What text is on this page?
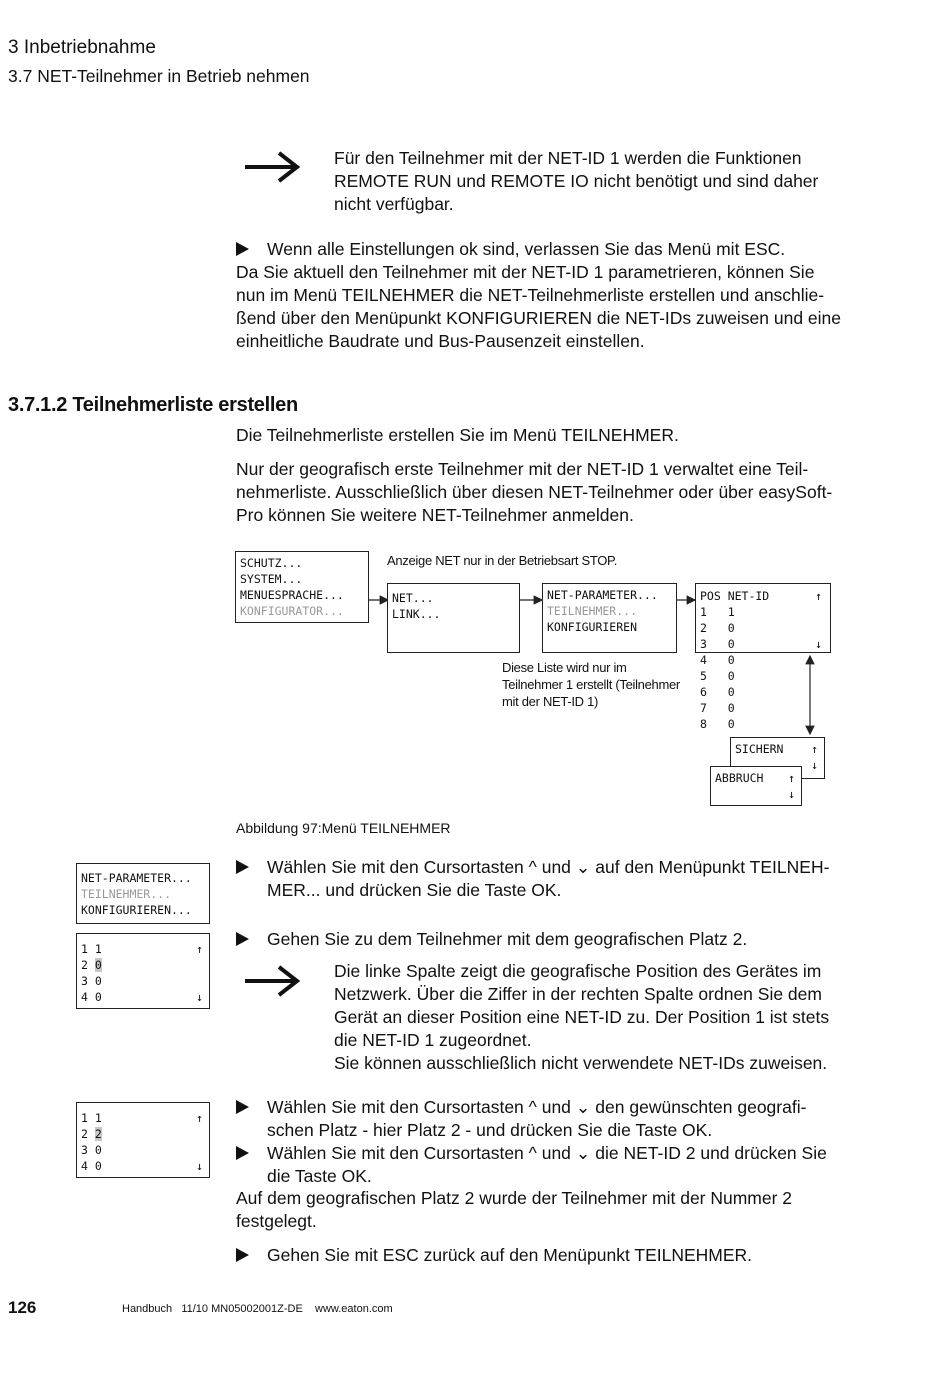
3 Inbetriebnahme
3.7 NET-Teilnehmer in Betrieb nehmen
Für den Teilnehmer mit der NET-ID 1 werden die Funktionen
REMOTE RUN und REMOTE IO nicht benötigt und sind daher
nicht verfügbar.
Wenn alle Einstellungen ok sind, verlassen Sie das Menü mit ESC.
Da Sie aktuell den Teilnehmer mit der NET-ID 1 parametrieren, können Sie
nun im Menü TEILNEHMER die NET-Teilnehmerliste erstellen und anschlie-
ßend über den Menüpunkt KONFIGURIEREN die NET-IDs zuweisen und eine
einheitliche Baudrate und Bus-Pausenzeit einstellen.
3.7.1.2 Teilnehmerliste erstellen
Die Teilnehmerliste erstellen Sie im Menü TEILNEHMER.
Nur der geografisch erste Teilnehmer mit der NET-ID 1 verwaltet eine Teil-
nehmerliste. Ausschließlich über diesen NET-Teilnehmer oder über easySoft-
Pro können Sie weitere NET-Teilnehmer anmelden.
SCHUTZ...
SYSTEM...
MENUESPRACHE...
KONFIGURATOR...
Anzeige NET nur in der Betriebsart STOP.
NET...
LINK...
NET-PARAMETER...
TEILNEHMER...
KONFIGURIEREN
POS NET-ID	↑
1   1
2   0
3   0	↓
4   0
5   0
6   0
7   0
8   0
Diese Liste wird nur im
Teilnehmer 1 erstellt (Teilnehmer
mit der NET-ID 1)
SICHERN ↑
↓

ABBRUCH ↑
↓

Abbildung 97:Menü TEILNEHMER
NET-PARAMETER...
TEILNEHMER...
KONFIGURIEREN...
1 1	↑
2 0
3 0
4 0	↓
1 1	↑
2 2
3 0
4 0	↓
Wählen Sie mit den Cursortasten ^ und ⌄ auf den Menüpunkt TEILNEH-
MER... und drücken Sie die Taste OK.
Gehen Sie zu dem Teilnehmer mit dem geografischen Platz 2.
Die linke Spalte zeigt die geografische Position des Gerätes im
Netzwerk. Über die Ziffer in der rechten Spalte ordnen Sie dem
Gerät an dieser Position eine NET-ID zu. Der Position 1 ist stets
die NET-ID 1 zugeordnet.
Sie können ausschließlich nicht verwendete NET-IDs zuweisen.
Wählen Sie mit den Cursortasten ^ und ⌄ den gewünschten geografi-
schen Platz - hier Platz 2 - und drücken Sie die Taste OK.
Wählen Sie mit den Cursortasten ^ und ⌄ die NET-ID 2 und drücken Sie
die Taste OK.
Auf dem geografischen Platz 2 wurde der Teilnehmer mit der Nummer 2
festgelegt.
Gehen Sie mit ESC zurück auf den Menüpunkt TEILNEHMER.
126	Handbuch   11/10 MN05002001Z-DE    www.eaton.com
